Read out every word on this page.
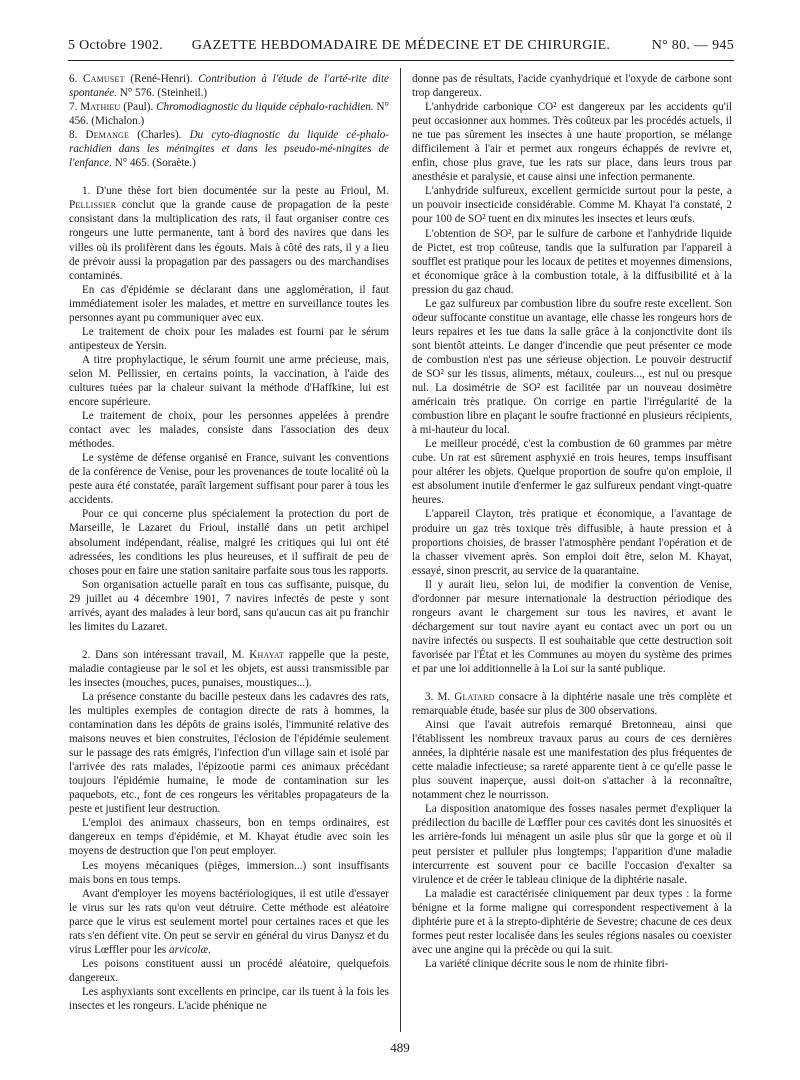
5 Octobre 1902.	GAZETTE HEBDOMADAIRE DE MÉDECINE ET DE CHIRURGIE.	N° 80. — 945

6. Camuset (René-Henri). Contribution à l'étude de l'arté-rite dite spontanée. N° 576. (Steinheil.)

7. Mathieu (Paul). Chromodiagnostic du liquide céphalo-rachidien. N° 456. (Michalon.)

8. Demange (Charles). Du cyto-diagnostic du liquide cé-phalo-rachidien dans les méningites et dans les pseudo-mé-ningites de l'enfance. N° 465. (Soraète.)

1. D'une thèse fort bien documentée sur la peste au Frioul, M. Pellissier conclut que la grande cause de propagation de la peste consistant dans la multiplication des rats, il faut organiser contre ces rongeurs une lutte permanente, tant à bord des navires que dans les villes où ils prolifèrent dans les égouts. Mais à côté des rats, il y a lieu de prévoir aussi la propagation par des passagers ou des marchandises contaminés.

En cas d'épidémie se déclarant dans une agglomération, il faut immédiatement isoler les malades, et mettre en surveillance toutes les personnes ayant pu communiquer avec eux.

Le traitement de choix pour les malades est fourni par le sérum antipesteux de Yersin.

A titre prophylactique, le sérum fournit une arme précieuse, mais, selon M. Pellissier, en certains points, la vaccination, à l'aide des cultures tuées par la chaleur suivant la méthode d'Haffkine, lui est encore supérieure.

Le traitement de choix, pour les personnes appelées à prendre contact avec les malades, consiste dans l'association des deux méthodes.

Le système de défense organisé en France, suivant les conventions de la conférence de Venise, pour les provenances de toute localité où la peste aura été constatée, paraît largement suffisant pour parer à tous les accidents.

Pour ce qui concerne plus spécialement la protection du port de Marseille, le Lazaret du Frioul, installé dans un petit archipel absolument indépendant, réalise, malgré les critiques qui lui ont été adressées, les conditions les plus heureuses, et il suffirait de peu de choses pour en faire une station sanitaire parfaite sous tous les rapports.

Son organisation actuelle paraît en tous cas suffisante, puisque, du 29 juillet au 4 décembre 1901, 7 navires infectés de peste y sont arrivés, ayant des malades à leur bord, sans qu'aucun cas ait pu franchir les limites du Lazaret.

2. Dans son intéressant travail, M. Khayat rappelle que la peste, maladie contagieuse par le sol et les objets, est aussi transmissible par les insectes (mouches, puces, punaises, moustiques...).

La présence constante du bacille pesteux dans les cadavres des rats, les multiples exemples de contagion directe de rats à hommes, la contamination dans les dépôts de grains isolés, l'immunité relative des maisons neuves et bien construites, l'éclosion de l'épidémie seulement sur le passage des rats émigrés, l'infection d'un village sain et isolé par l'arrivée des rats malades, l'épizootie parmi ces animaux précédant toujours l'épidémie humaine, le mode de contamination sur les paquebots, etc., font de ces rongeurs les véritables propagateurs de la peste et justifient leur destruction.

L'emploi des animaux chasseurs, bon en temps ordinaires, est dangereux en temps d'épidémie, et M. Khayat étudie avec soin les moyens de destruction que l'on peut employer.

Les moyens mécaniques (pièges, immersion...) sont insuffisants mais bons en tous temps.

Avant d'employer les moyens bactériologiques, il est utile d'essayer le virus sur les rats qu'on veut détruire. Cette méthode est aléatoire parce que le virus est seulement mortel pour certaines races et que les rats s'en défient vite. On peut se servir en général du virus Danysz et du virus Lœffler pour les arvicolæ.

Les poisons constituent aussi un procédé aléatoire, quelquefois dangereux.

Les asphyxiants sont excellents en principe, car ils tuent à la fois les insectes et les rongeurs. L'acide phénique ne

donne pas de résultats, l'acide cyanhydrique et l'oxyde de carbone sont trop dangereux.

L'anhydride carbonique CO² est dangereux par les accidents qu'il peut occasionner aux hommes. Très coûteux par les procédés actuels, il ne tue pas sûrement les insectes à une haute proportion, se mélange difficilement à l'air et permet aux rongeurs échappés de revivre et, enfin, chose plus grave, tue les rats sur place, dans leurs trous par anesthésie et paralysie, et cause ainsi une infection permanente.

L'anhydride sulfureux, excellent germicide surtout pour la peste, a un pouvoir insecticide considérable. Comme M. Khayat l'a constaté, 2 pour 100 de SO² tuent en dix minutes les insectes et leurs œufs.

L'obtention de SO², par le sulfure de carbone et l'anhydride liquide de Pictet, est trop coûteuse, tandis que la sulfuration par l'appareil à soufflet est pratique pour les locaux de petites et moyennes dimensions, et économique grâce à la combustion totale, à la diffusibilité et à la pression du gaz chaud.

Le gaz sulfureux par combustion libre du soufre reste excellent. Son odeur suffocante constitue un avantage, elle chasse les rongeurs hors de leurs repaires et les tue dans la salle grâce à la conjonctivite dont ils sont bientôt atteints. Le danger d'incendie que peut présenter ce mode de combustion n'est pas une sérieuse objection. Le pouvoir destructif de SO² sur les tissus, aliments, métaux, couleurs..., est nul ou presque nul. La dosimétrie de SO² est facilitée par un nouveau dosimètre américain très pratique. On corrige en partie l'irrégularité de la combustion libre en plaçant le soufre fractionné en plusieurs récipients, à mi-hauteur du local.

Le meilleur procédé, c'est la combustion de 60 grammes par mètre cube. Un rat est sûrement asphyxié en trois heures, temps insuffisant pour altérer les objets. Quelque proportion de soufre qu'on emploie, il est absolument inutile d'enfermer le gaz sulfureux pendant vingt-quatre heures.

L'appareil Clayton, très pratique et économique, a l'avantage de produire un gaz très toxique très diffusible, à haute pression et à proportions choisies, de brasser l'atmosphère pendant l'opération et de la chasser vivement après. Son emploi doit être, selon M. Khayat, essayé, sinon prescrit, au service de la quarantaine.

Il y aurait lieu, selon lui, de modifier la convention de Venise, d'ordonner par mesure internationale la destruction périodique des rongeurs avant le chargement sur tous les navires, et avant le déchargement sur tout navire ayant eu contact avec un port ou un navire infectés ou suspects. Il est souhaitable que cette destruction soit favorisée par l'État et les Communes au moyen du système des primes et par une loi additionnelle à la Loi sur la santé publique.

3. M. Glatard consacre à la diphtérie nasale une très complète et remarquable étude, basée sur plus de 300 observations.

Ainsi que l'avait autrefois remarqué Bretonneau, ainsi que l'établissent les nombreux travaux parus au cours de ces dernières années, la diphtérie nasale est une manifestation des plus fréquentes de cette maladie infectieuse; sa rareté apparente tient à ce qu'elle passe le plus souvent inaperçue, aussi doit-on s'attacher à la reconnaître, notamment chez le nourrisson.

La disposition anatomique des fosses nasales permet d'expliquer la prédilection du bacille de Lœffler pour ces cavités dont les sinuosités et les arrière-fonds lui ménagent un asile plus sûr que la gorge et où il peut persister et pulluler plus longtemps; l'apparition d'une maladie intercurrente est souvent pour ce bacille l'occasion d'exalter sa virulence et de créer le tableau clinique de la diphtérie nasale.

La maladie est caractérisée cliniquement par deux types : la forme bénigne et la forme maligne qui correspondent respectivement à la diphtérie pure et à la strepto-diphtérie de Sevestre; chacune de ces deux formes peut rester localisée dans les seules régions nasales ou coexister avec une angine qui la précède ou qui la suit.

La variété clinique décrite sous le nom de rhinite fibri-

489
